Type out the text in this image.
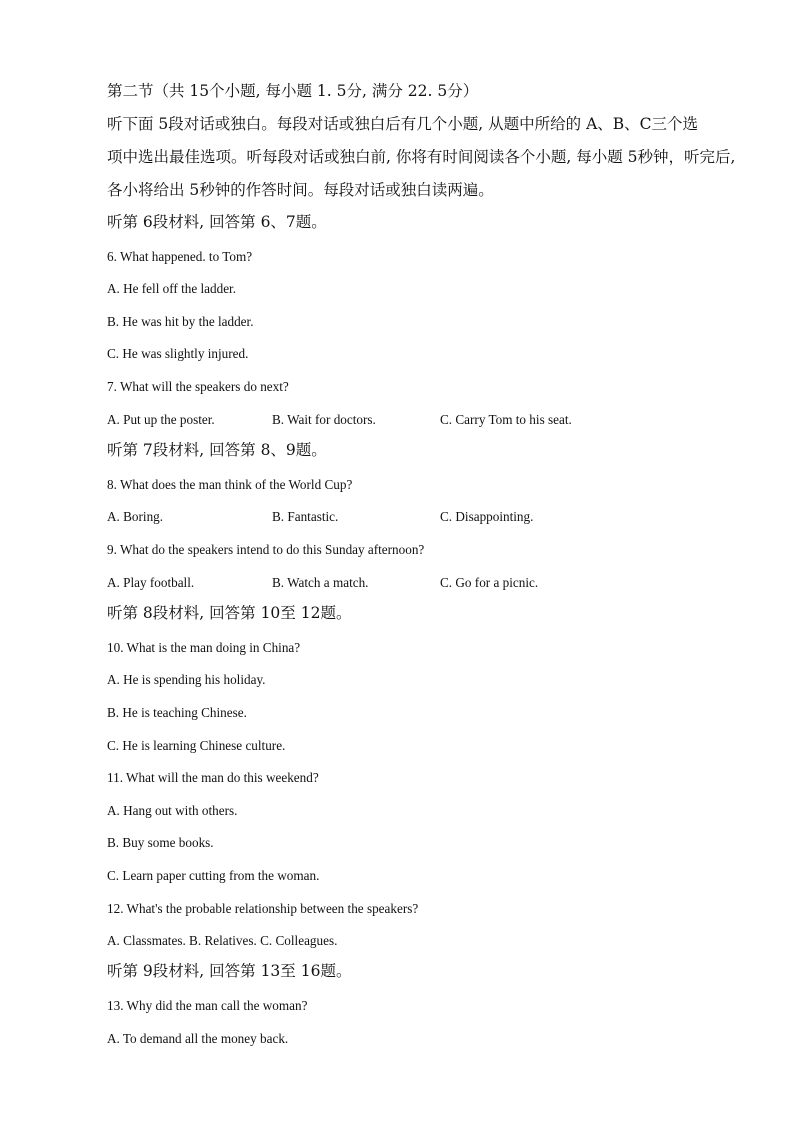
第二节（共 15个小题, 每小题 1. 5分, 满分 22. 5分）
听下面 5段对话或独白。每段对话或独白后有几个小题, 从题中所给的 A、B、C三个选
项中选出最佳选项。听每段对话或独白前, 你将有时间阅读各个小题, 每小题 5秒钟，听完后,
各小将给出 5秒钟的作答时间。每段对话或独白读两遍。
听第 6段材料, 回答第 6、7题。
6. What happened. to Tom?
A. He fell off the ladder.
B. He was hit by the ladder.
C. He was slightly injured.
7. What will the speakers do next?
A. Put up the poster.	B. Wait for doctors.	C. Carry Tom to his seat.
听第 7段材料, 回答第 8、9题。
8. What does the man think of the World Cup?
A. Boring.	B. Fantastic.	C. Disappointing.
9. What do the speakers intend to do this Sunday afternoon?
A. Play football.	B. Watch a match.	C. Go for a picnic.
听第 8段材料, 回答第 10至 12题。
10. What is the man doing in China?
A. He is spending his holiday.
B. He is teaching Chinese.
C. He is learning Chinese culture.
11. What will the man do this weekend?
A. Hang out with others.
B. Buy some books.
C. Learn paper cutting from the woman.
12. What's the probable relationship between the speakers?
A. Classmates. B. Relatives. C. Colleagues.
听第 9段材料, 回答第 13至 16题。
13. Why did the man call the woman?
A. To demand all the money back.
